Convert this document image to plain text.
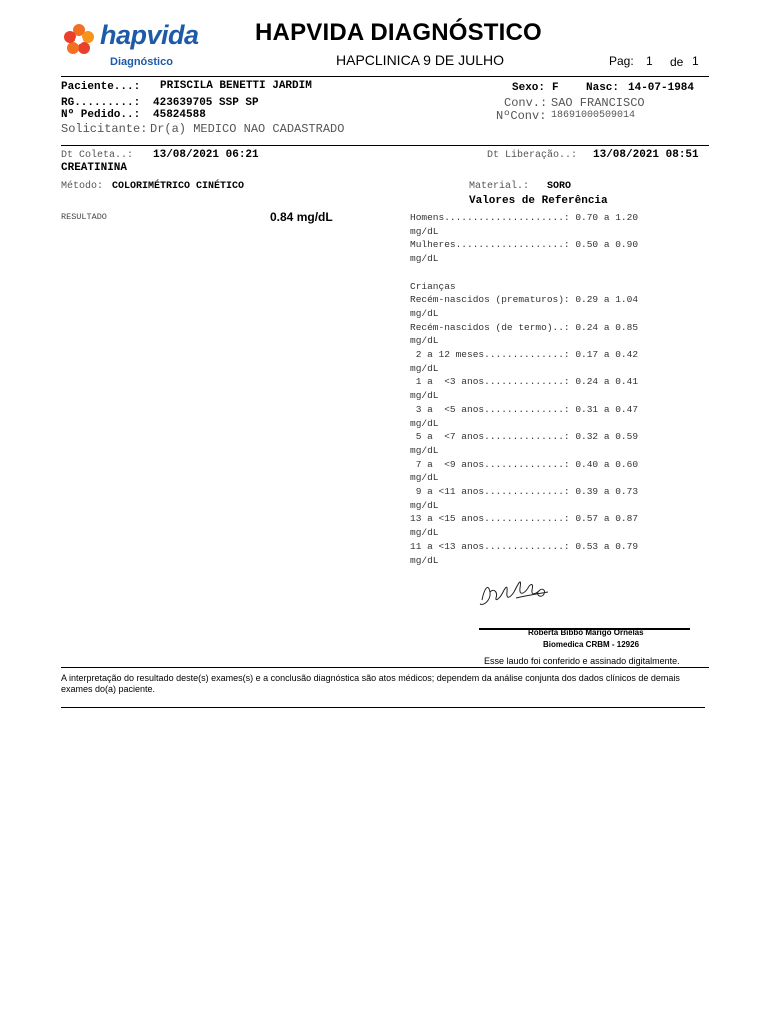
hapvida
Diagnóstico
HAPVIDA DIAGNÓSTICO
HAPCLINICA 9 DE JULHO	Pag: 1 de 1
Paciente...: PRISCILA BENETTI JARDIM	Sexo: F Nasc: 14-07-1984
RG.........: 423639705 SSP SP	Conv.: SAO FRANCISCO
Nº Pedido..: 45824588	NºConv: 18691000509014
Solicitante: Dr(a) MEDICO NAO CADASTRADO
Dt Coleta..: 13/08/2021 06:21	Dt Liberação..: 13/08/2021 08:51
CREATININA
Método: COLORIMÉTRICO CINÉTICO	Material.: SORO
Valores de Referência
RESULTADO	0.84 mg/dL	Homens.....................: 0.70 a 1.20
mg/dL
Mulheres...................: 0.50 a 0.90
mg/dL
Crianças
Recém-nascidos (prematuros): 0.29 a 1.04
mg/dL
Recém-nascidos (de termo)..: 0.24 a 0.85
mg/dL
2 a 12 meses..............: 0.17 a 0.42
mg/dL
1 a  <3 anos..............: 0.24 a 0.41
mg/dL
3 a  <5 anos..............: 0.31 a 0.47
mg/dL
5 a  <7 anos..............: 0.32 a 0.59
mg/dL
7 a  <9 anos..............: 0.40 a 0.60
mg/dL
9 a <11 anos..............: 0.39 a 0.73
mg/dL
13 a <15 anos..............: 0.57 a 0.87
mg/dL
11 a <13 anos..............: 0.53 a 0.79
mg/dL
Roberta Bibbo Marigo Ornelas
Biomedica CRBM - 12926
Esse laudo foi conferido e assinado digitalmente.
A interpretação do resultado deste(s) exames(s) e a conclusão diagnóstica são atos médicos; dependem da análise conjunta dos dados clínicos de demais exames do(a) paciente.
